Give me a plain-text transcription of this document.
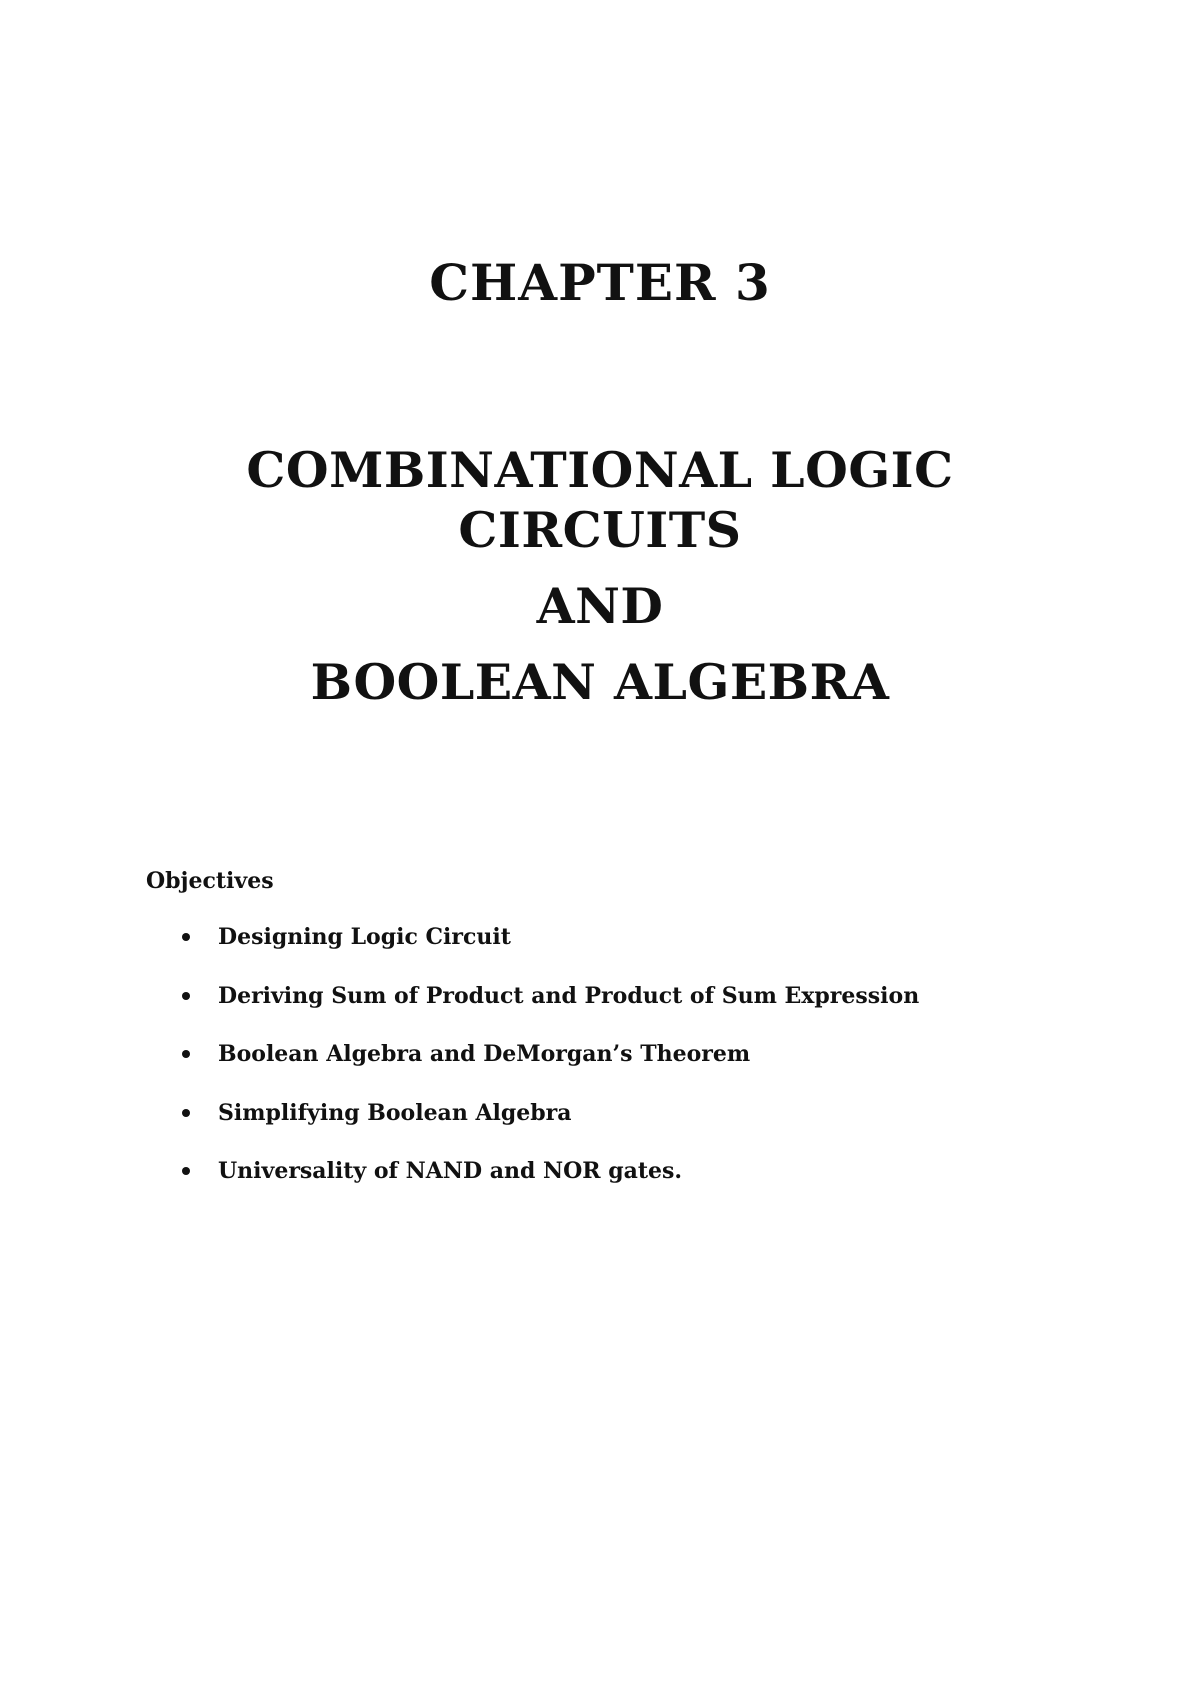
CHAPTER 3
COMBINATIONAL LOGIC
CIRCUITS
AND
BOOLEAN ALGEBRA
Objectives
Designing Logic Circuit
Deriving Sum of Product and Product of Sum Expression
Boolean Algebra and DeMorgan’s Theorem
Simplifying Boolean Algebra
Universality of NAND and NOR gates.
